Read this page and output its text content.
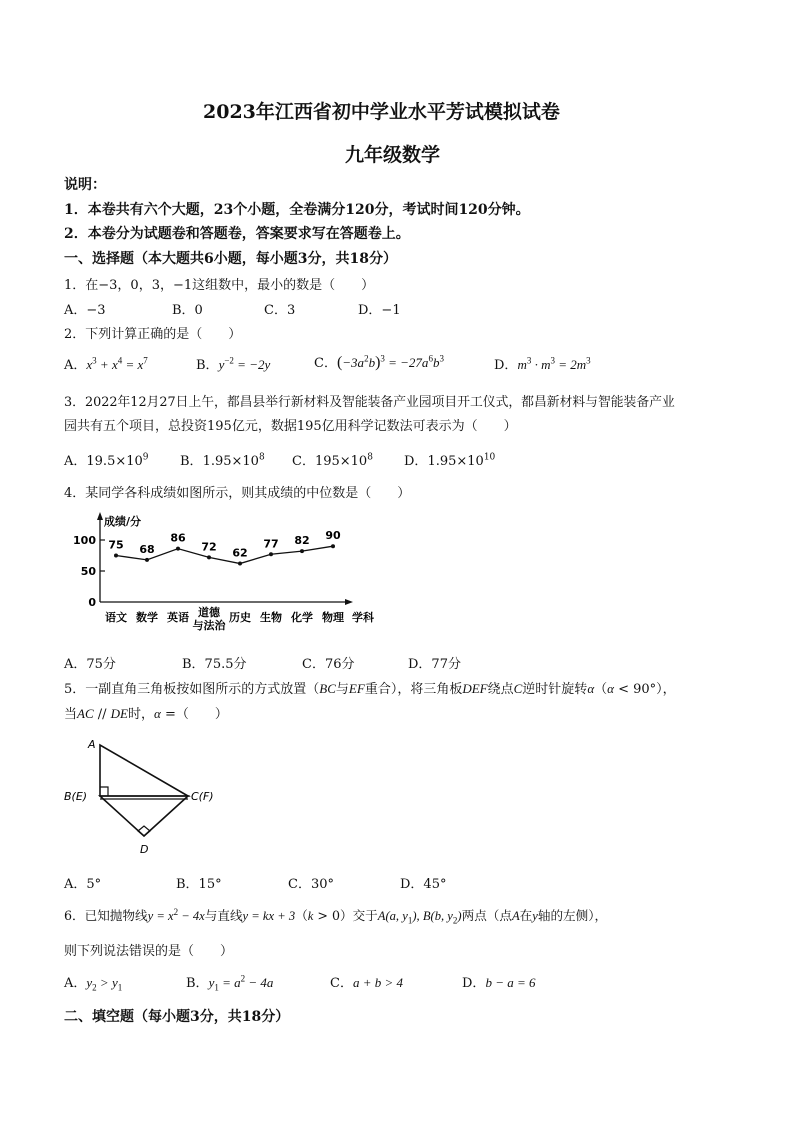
2023年江西省初中学业水平芳试模拟试卷
九年级数学
说明：
1．本卷共有六个大题，23个小题，全卷满分120分，考试时间120分钟。
2．本卷分为试题卷和答题卷，答案要求写在答题卷上。
一、选择题（本大题共6小题，每小题3分，共18分）
1．在−3，0，3，−1这组数中，最小的数是（　　）
A．−3	B．0	C．3	D．−1
2．下列计算正确的是（　　）
A．$x^3 + x^4 = x^7$	B．$y^{-2} = -2y$	C．$(-3a^2b)^3 = -27a^6b^3$	D．$m^3 \cdot m^3 = 2m^3$
3．2022年12月27日上午，都昌县举行新材料及智能装备产业园项目开工仪式，都昌新材料与智能装备产业
园共有五个项目，总投资195亿元，数据195亿用科学记数法可表示为（　　）
A．$19.5\times 10^9$ B．$1.95\times 10^8$ C．$195\times 10^8$ D．$1.95\times 10^{10}$
4．某同学各科成绩如图所示，则其成绩的中位数是（　　）
成绩/分
学科
0
50
100 75 68
86
72 62
77 82 90
语文 数学 英语 道德与法治
历史 生物 化学 物理
A．75分	B．75.5分	C．76分	D．77分
5．一副直角三角板按如图所示的方式放置（BC与EF重合），将三角板DEF绕点C逆时针旋转α（α < 90°），
当AC // DE时，α =（　　）
A
B(E)	C(F)
D
A．5°	B．15°	C．30°	D．45°
6．已知抛物线$y = x^2 - 4x$与直线y = kx + 3（k > 0）交于A(a, $y_1$), B(b, $y_2$)两点（点A在y轴的左侧），
则下列说法错误的是（　　）
A．$y_2 > y_1$	B．$y_1 = a^2 - 4a$	C．a + b > 4	D．b − a = 6
二、填空题（每小题3分，共18分）
